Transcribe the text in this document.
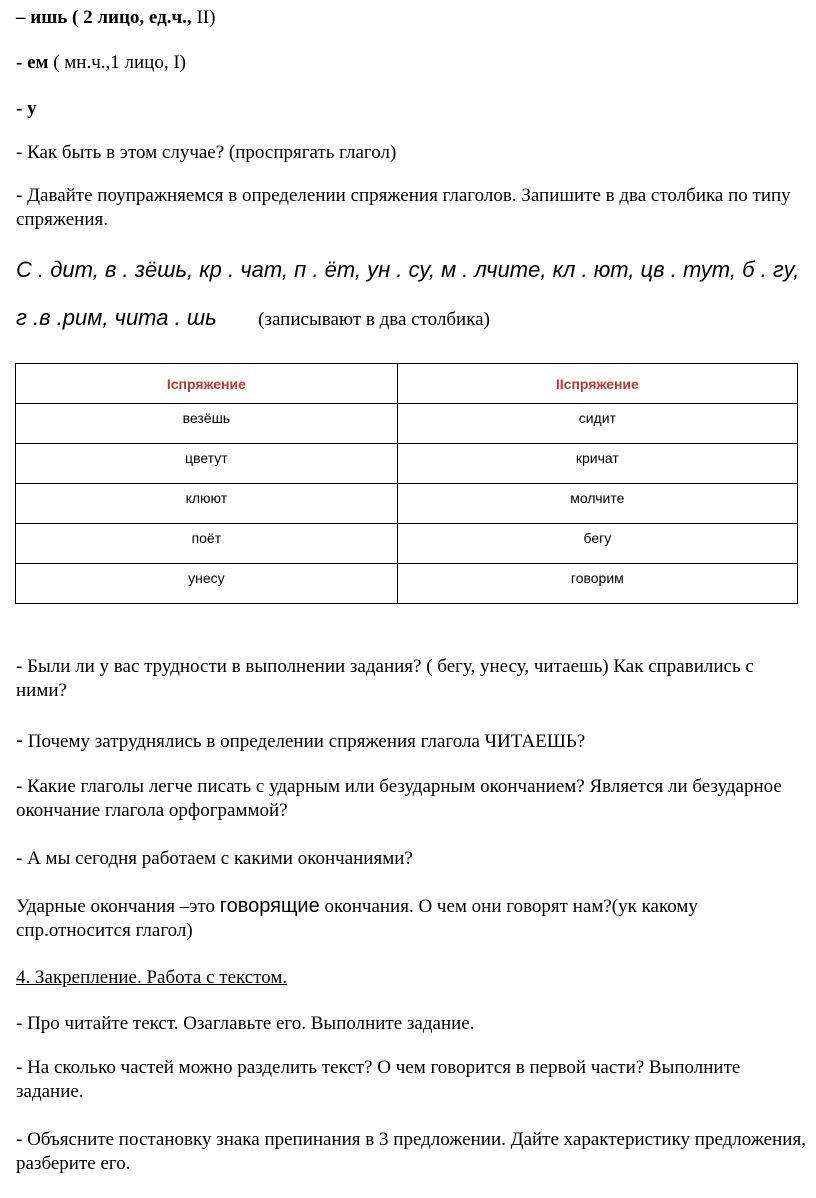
– ишь ( 2 лицо, ед.ч., II)
- ем ( мн.ч.,1 лицо, I)
- у
- Как быть в этом случае? (проспрягать глагол)
- Давайте поупражняемся в определении спряжения глаголов. Запишите в два столбика по типу спряжения.
С . дит, в . зёшь, кр . чат, п . ёт, ун . су, м . лчите, кл . ют, цв . тут, б . гу,
г .в .рим, чита . шь (записывают в два столбика)
Iспряжение	IIспряжение
везёшь	сидит
цветут	кричат
клюют	молчите
поёт	бегу
унесу	говорим
- Были ли у вас трудности в выполнении задания? ( бегу, унесу, читаешь) Как справились с ними?
- Почему затруднялись в определении спряжения глагола ЧИТАЕШЬ?
- Какие глаголы легче писать с ударным или безударным окончанием? Является ли безударное окончание глагола орфограммой?
- А мы сегодня работаем с какими окончаниями?
Ударные окончания –это говорящие окончания. О чем они говорят нам?(ук какому спр.относится глагол)
4. Закрепление. Работа с текстом.
- Про читайте текст. Озаглавьте его. Выполните задание.
- На сколько частей можно разделить текст? О чем говорится в первой части? Выполните задание.
- Объясните постановку знака препинания в 3 предложении. Дайте характеристику предложения, разберите его.
